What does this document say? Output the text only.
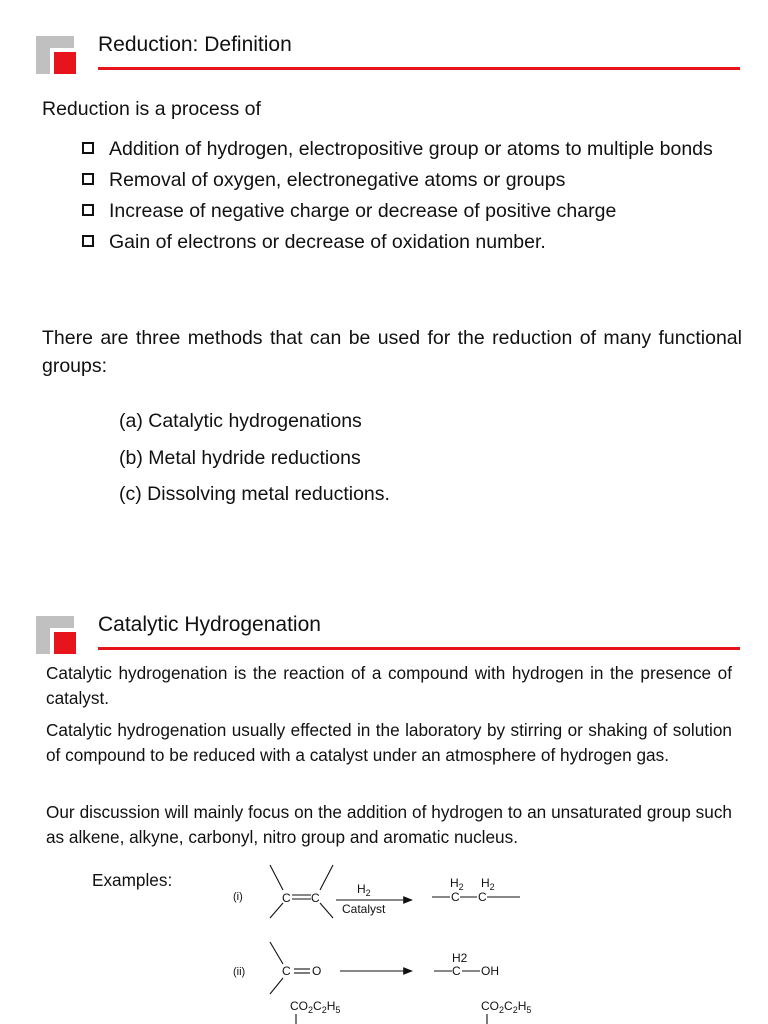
Reduction: Definition

Reduction is a process of

Addition of hydrogen, electropositive group or atoms to multiple bonds
Removal of oxygen, electronegative atoms or groups
Increase of negative charge or decrease of positive charge
Gain of electrons or decrease of oxidation number.

There are three methods that can be used for the reduction of many functional groups:

(a) Catalytic hydrogenations
(b) Metal hydride reductions
(c) Dissolving metal reductions.
Catalytic Hydrogenation

Catalytic hydrogenation is the reaction of a compound with hydrogen in the presence of catalyst.

Catalytic hydrogenation usually effected in the laboratory by stirring or shaking of solution of compound to be reduced with a catalyst under an atmosphere of hydrogen gas.

Our discussion will mainly focus on the addition of hydrogen to an unsaturated group such as alkene, alkyne, carbonyl, nitro group and aromatic nucleus.

Examples:
(i)	C C
$H_2$
Catalyst
$H_2$ $H_2$
C C
(ii)	C O
H2
C OH
$CO_2C_2H_5$	$CO_2C_2H_5$
